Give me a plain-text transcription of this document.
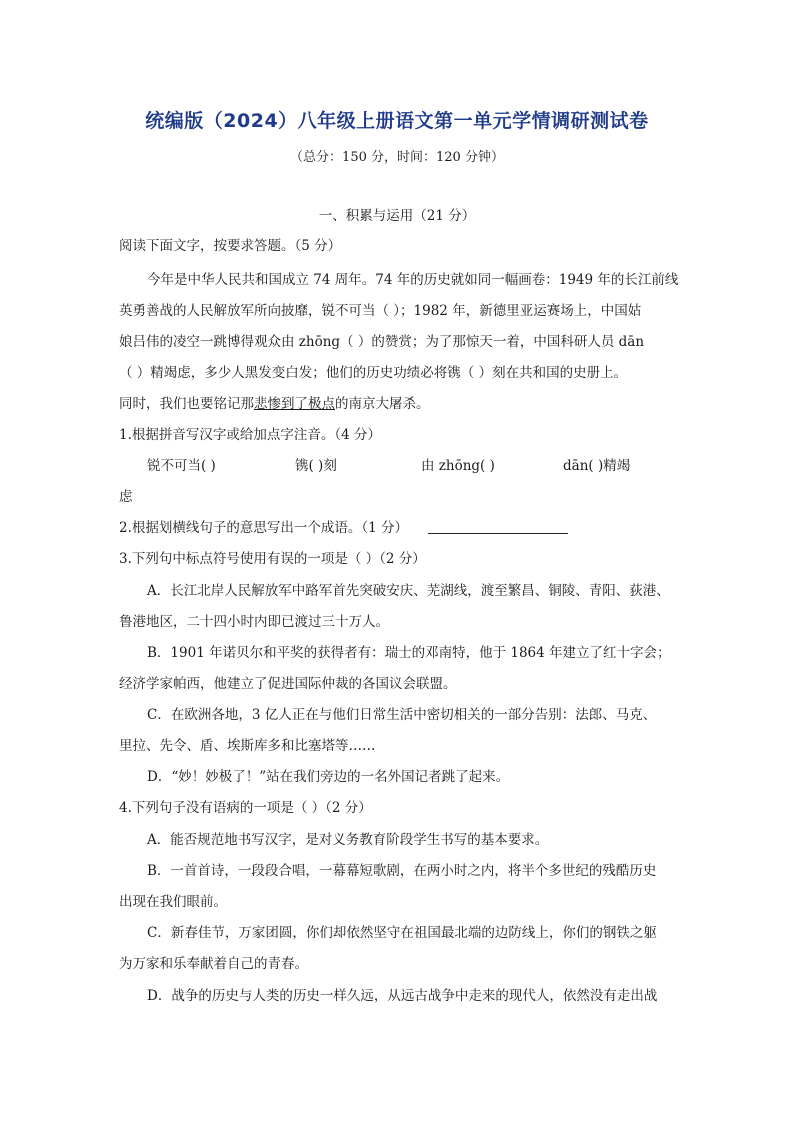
统编版（2024）八年级上册语文第一单元学情调研测试卷
（总分：150 分，时间：120 分钟）
一、积累与运用（21 分）
阅读下面文字，按要求答题。（5 分）
今年是中华人民共和国成立 74 周年。74 年的历史就如同一幅画卷：1949 年的长江前线
英勇善战的人民解放军所向披靡，锐不可当（ ）；1982 年，新德里亚运赛场上，中国姑
娘吕伟的凌空一跳博得观众由 zhōng（ ）的赞赏；为了那惊天一着，中国科研人员 dān
（ ）精竭虑，多少人黑发变白发；他们的历史功绩必将镌（ ）刻在共和国的史册上。
同时，我们也要铭记那悲惨到了极点的南京大屠杀。
1.根据拼音写汉字或给加点字注音。（4 分）
锐不可当( )	镌( )刻	由 zhōng( )	dān( )精竭
虑
2.根据划横线句子的意思写出一个成语。（1 分）
3.下列句中标点符号使用有误的一项是（ ）（2 分）
A．长江北岸人民解放军中路军首先突破安庆、芜湖线，渡至繁昌、铜陵、青阳、荻港、
鲁港地区，二十四小时内即已渡过三十万人。
B．1901 年诺贝尔和平奖的获得者有：瑞士的邓南特，他于 1864 年建立了红十字会；
经济学家帕西，他建立了促进国际仲裁的各国议会联盟。
C．在欧洲各地，3 亿人正在与他们日常生活中密切相关的一部分告别：法郎、马克、
里拉、先令、盾、埃斯库多和比塞塔等……
D．“妙！妙极了！”站在我们旁边的一名外国记者跳了起来。
4.下列句子没有语病的一项是（ ）（2 分）
A．能否规范地书写汉字，是对义务教育阶段学生书写的基本要求。
B．一首首诗，一段段合唱，一幕幕短歌剧，在两小时之内，将半个多世纪的残酷历史
出现在我们眼前。
C．新春佳节，万家团圆，你们却依然坚守在祖国最北端的边防线上，你们的钢铁之躯
为万家和乐奉献着自己的青春。
D．战争的历史与人类的历史一样久远，从远古战争中走来的现代人，依然没有走出战
